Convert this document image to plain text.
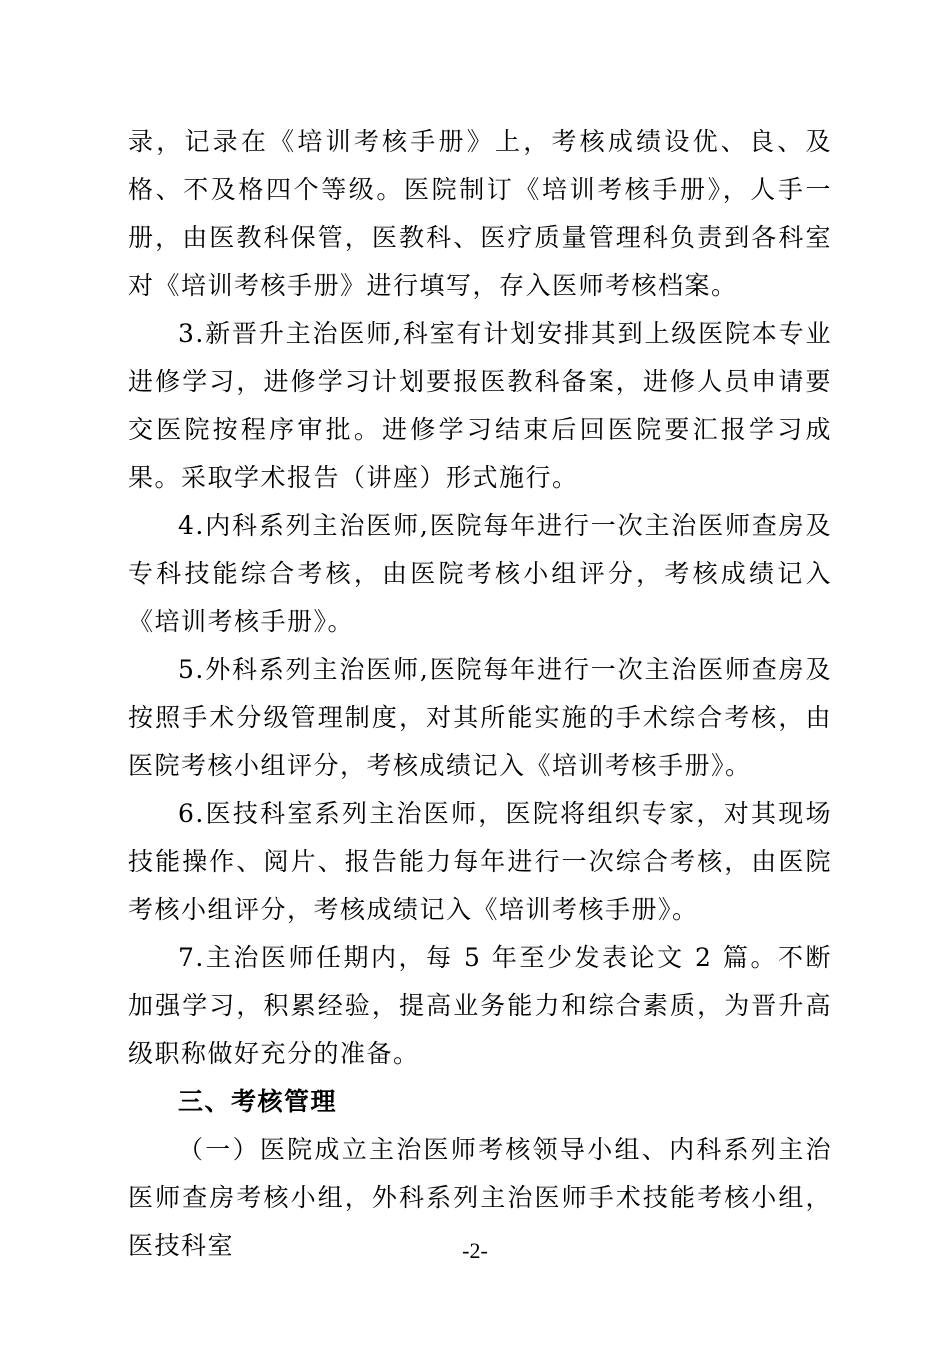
录，记录在《培训考核手册》上，考核成绩设优、良、及格、不及格四个等级。医院制订《培训考核手册》，人手一册，由医教科保管，医教科、医疗质量管理科负责到各科室对《培训考核手册》进行填写，存入医师考核档案。

3.新晋升主治医师,科室有计划安排其到上级医院本专业进修学习，进修学习计划要报医教科备案，进修人员申请要交医院按程序审批。进修学习结束后回医院要汇报学习成果。采取学术报告（讲座）形式施行。

4.内科系列主治医师,医院每年进行一次主治医师查房及专科技能综合考核，由医院考核小组评分，考核成绩记入《培训考核手册》。

5.外科系列主治医师,医院每年进行一次主治医师查房及按照手术分级管理制度，对其所能实施的手术综合考核，由医院考核小组评分，考核成绩记入《培训考核手册》。

6.医技科室系列主治医师，医院将组织专家，对其现场技能操作、阅片、报告能力每年进行一次综合考核，由医院考核小组评分，考核成绩记入《培训考核手册》。

7.主治医师任期内，每 5 年至少发表论文 2 篇。不断加强学习，积累经验，提高业务能力和综合素质，为晋升高级职称做好充分的准备。

三、考核管理

（一）医院成立主治医师考核领导小组、内科系列主治医师查房考核小组，外科系列主治医师手术技能考核小组，医技科室	-2-
